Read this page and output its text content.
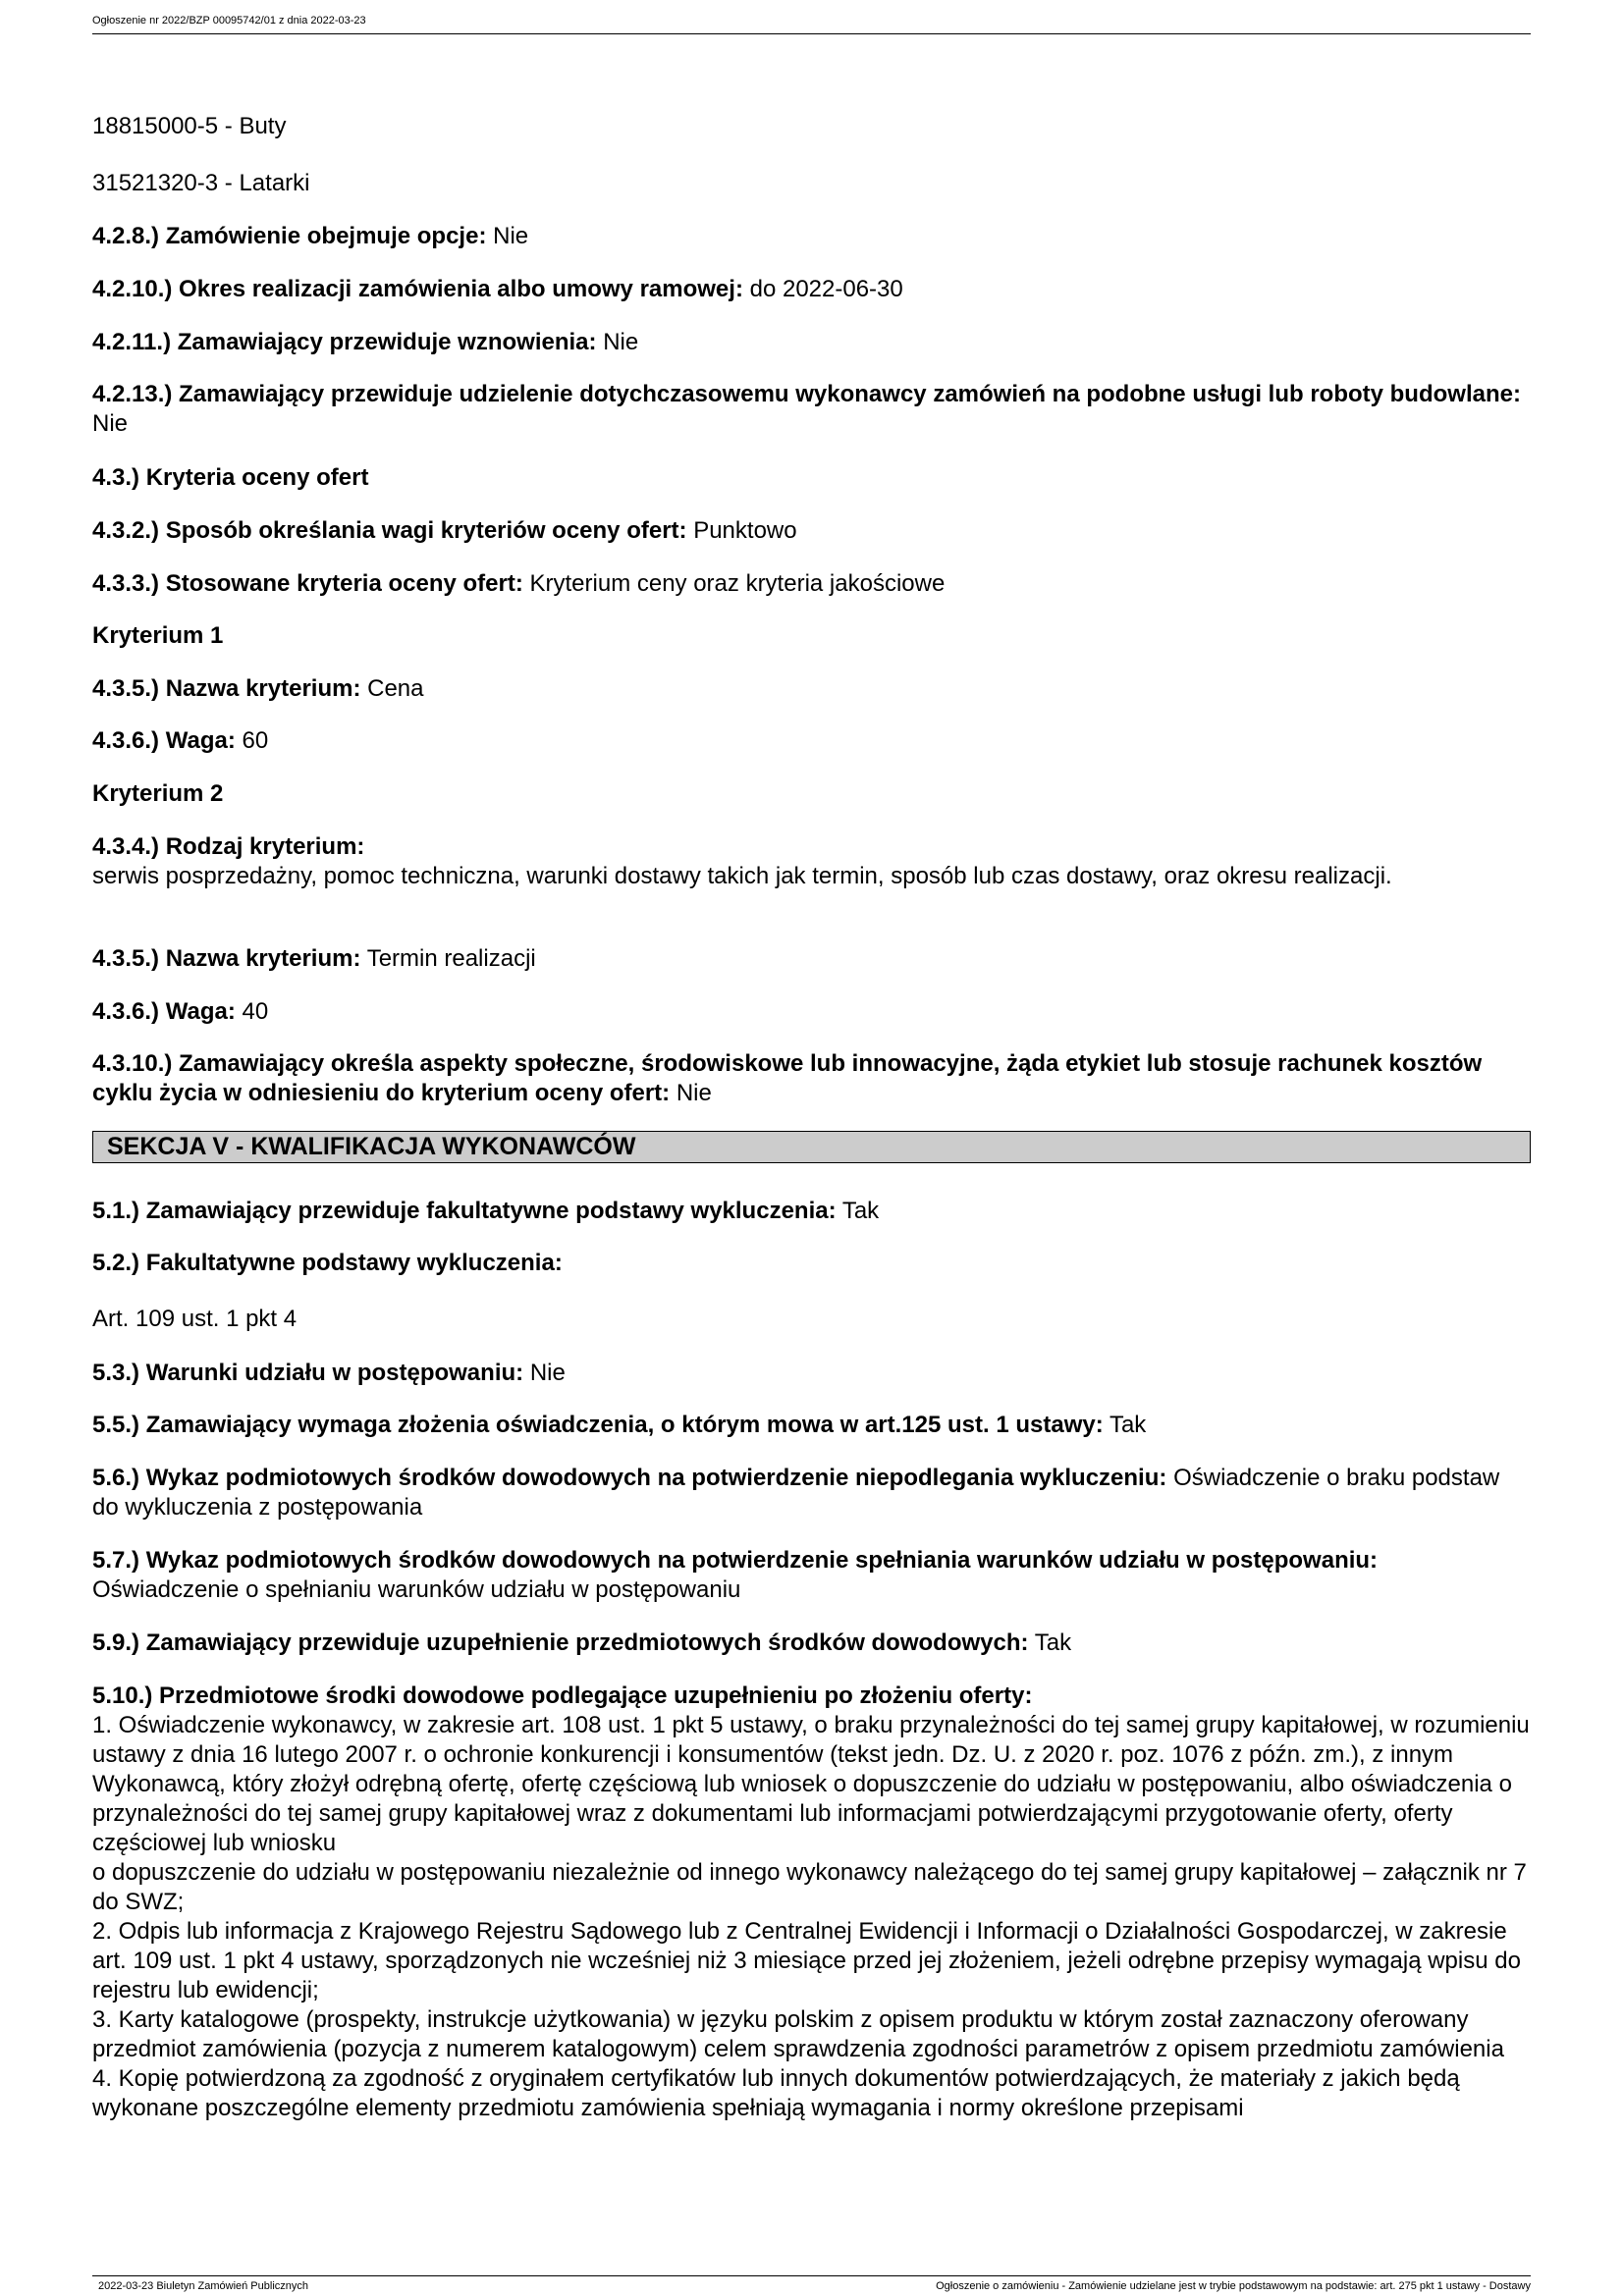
Ogłoszenie nr 2022/BZP 00095742/01 z dnia 2022-03-23
18815000-5 - Buty
31521320-3 - Latarki
4.2.8.) Zamówienie obejmuje opcje: Nie
4.2.10.) Okres realizacji zamówienia albo umowy ramowej: do 2022-06-30
4.2.11.) Zamawiający przewiduje wznowienia: Nie
4.2.13.) Zamawiający przewiduje udzielenie dotychczasowemu wykonawcy zamówień na podobne usługi lub roboty budowlane: Nie
4.3.) Kryteria oceny ofert
4.3.2.) Sposób określania wagi kryteriów oceny ofert: Punktowo
4.3.3.) Stosowane kryteria oceny ofert: Kryterium ceny oraz kryteria jakościowe
Kryterium 1
4.3.5.) Nazwa kryterium: Cena
4.3.6.) Waga: 60
Kryterium 2
4.3.4.) Rodzaj kryterium:
serwis posprzedażny, pomoc techniczna, warunki dostawy takich jak termin, sposób lub czas dostawy, oraz okresu realizacji.
4.3.5.) Nazwa kryterium: Termin realizacji
4.3.6.) Waga: 40
4.3.10.) Zamawiający określa aspekty społeczne, środowiskowe lub innowacyjne, żąda etykiet lub stosuje rachunek kosztów cyklu życia w odniesieniu do kryterium oceny ofert: Nie
SEKCJA V - KWALIFIKACJA WYKONAWCÓW
5.1.) Zamawiający przewiduje fakultatywne podstawy wykluczenia: Tak
5.2.) Fakultatywne podstawy wykluczenia:
Art. 109 ust. 1 pkt 4
5.3.) Warunki udziału w postępowaniu: Nie
5.5.) Zamawiający wymaga złożenia oświadczenia, o którym mowa w art.125 ust. 1 ustawy: Tak
5.6.) Wykaz podmiotowych środków dowodowych na potwierdzenie niepodlegania wykluczeniu: Oświadczenie o braku podstaw do wykluczenia z postępowania
5.7.) Wykaz podmiotowych środków dowodowych na potwierdzenie spełniania warunków udziału w postępowaniu:
Oświadczenie o spełnianiu warunków udziału w postępowaniu
5.9.) Zamawiający przewiduje uzupełnienie przedmiotowych środków dowodowych: Tak
5.10.) Przedmiotowe środki dowodowe podlegające uzupełnieniu po złożeniu oferty:
1. Oświadczenie wykonawcy, w zakresie art. 108 ust. 1 pkt 5 ustawy, o braku przynależności do tej samej grupy kapitałowej, w rozumieniu ustawy z dnia 16 lutego 2007 r. o ochronie konkurencji i konsumentów (tekst jedn. Dz. U. z 2020 r. poz. 1076 z późn. zm.), z innym Wykonawcą, który złożył odrębną ofertę, ofertę częściową lub wniosek o dopuszczenie do udziału w postępowaniu, albo oświadczenia o przynależności do tej samej grupy kapitałowej wraz z dokumentami lub informacjami potwierdzającymi przygotowanie oferty, oferty częściowej lub wniosku
o dopuszczenie do udziału w postępowaniu niezależnie od innego wykonawcy należącego do tej samej grupy kapitałowej – załącznik nr 7 do SWZ;
2. Odpis lub informacja z Krajowego Rejestru Sądowego lub z Centralnej Ewidencji i Informacji o Działalności Gospodarczej, w zakresie art. 109 ust. 1 pkt 4 ustawy, sporządzonych nie wcześniej niż 3 miesiące przed jej złożeniem, jeżeli odrębne przepisy wymagają wpisu do rejestru lub ewidencji;
3. Karty katalogowe (prospekty, instrukcje użytkowania) w języku polskim z opisem produktu w którym został zaznaczony oferowany przedmiot zamówienia (pozycja z numerem katalogowym) celem sprawdzenia zgodności parametrów z opisem przedmiotu zamówienia
4. Kopię potwierdzoną za zgodność z oryginałem certyfikatów lub innych dokumentów potwierdzających, że materiały z jakich będą wykonane poszczególne elementy przedmiotu zamówienia spełniają wymagania i normy określone przepisami
2022-03-23 Biuletyn Zamówień Publicznych	Ogłoszenie o zamówieniu - Zamówienie udzielane jest w trybie podstawowym na podstawie: art. 275 pkt 1 ustawy - Dostawy
